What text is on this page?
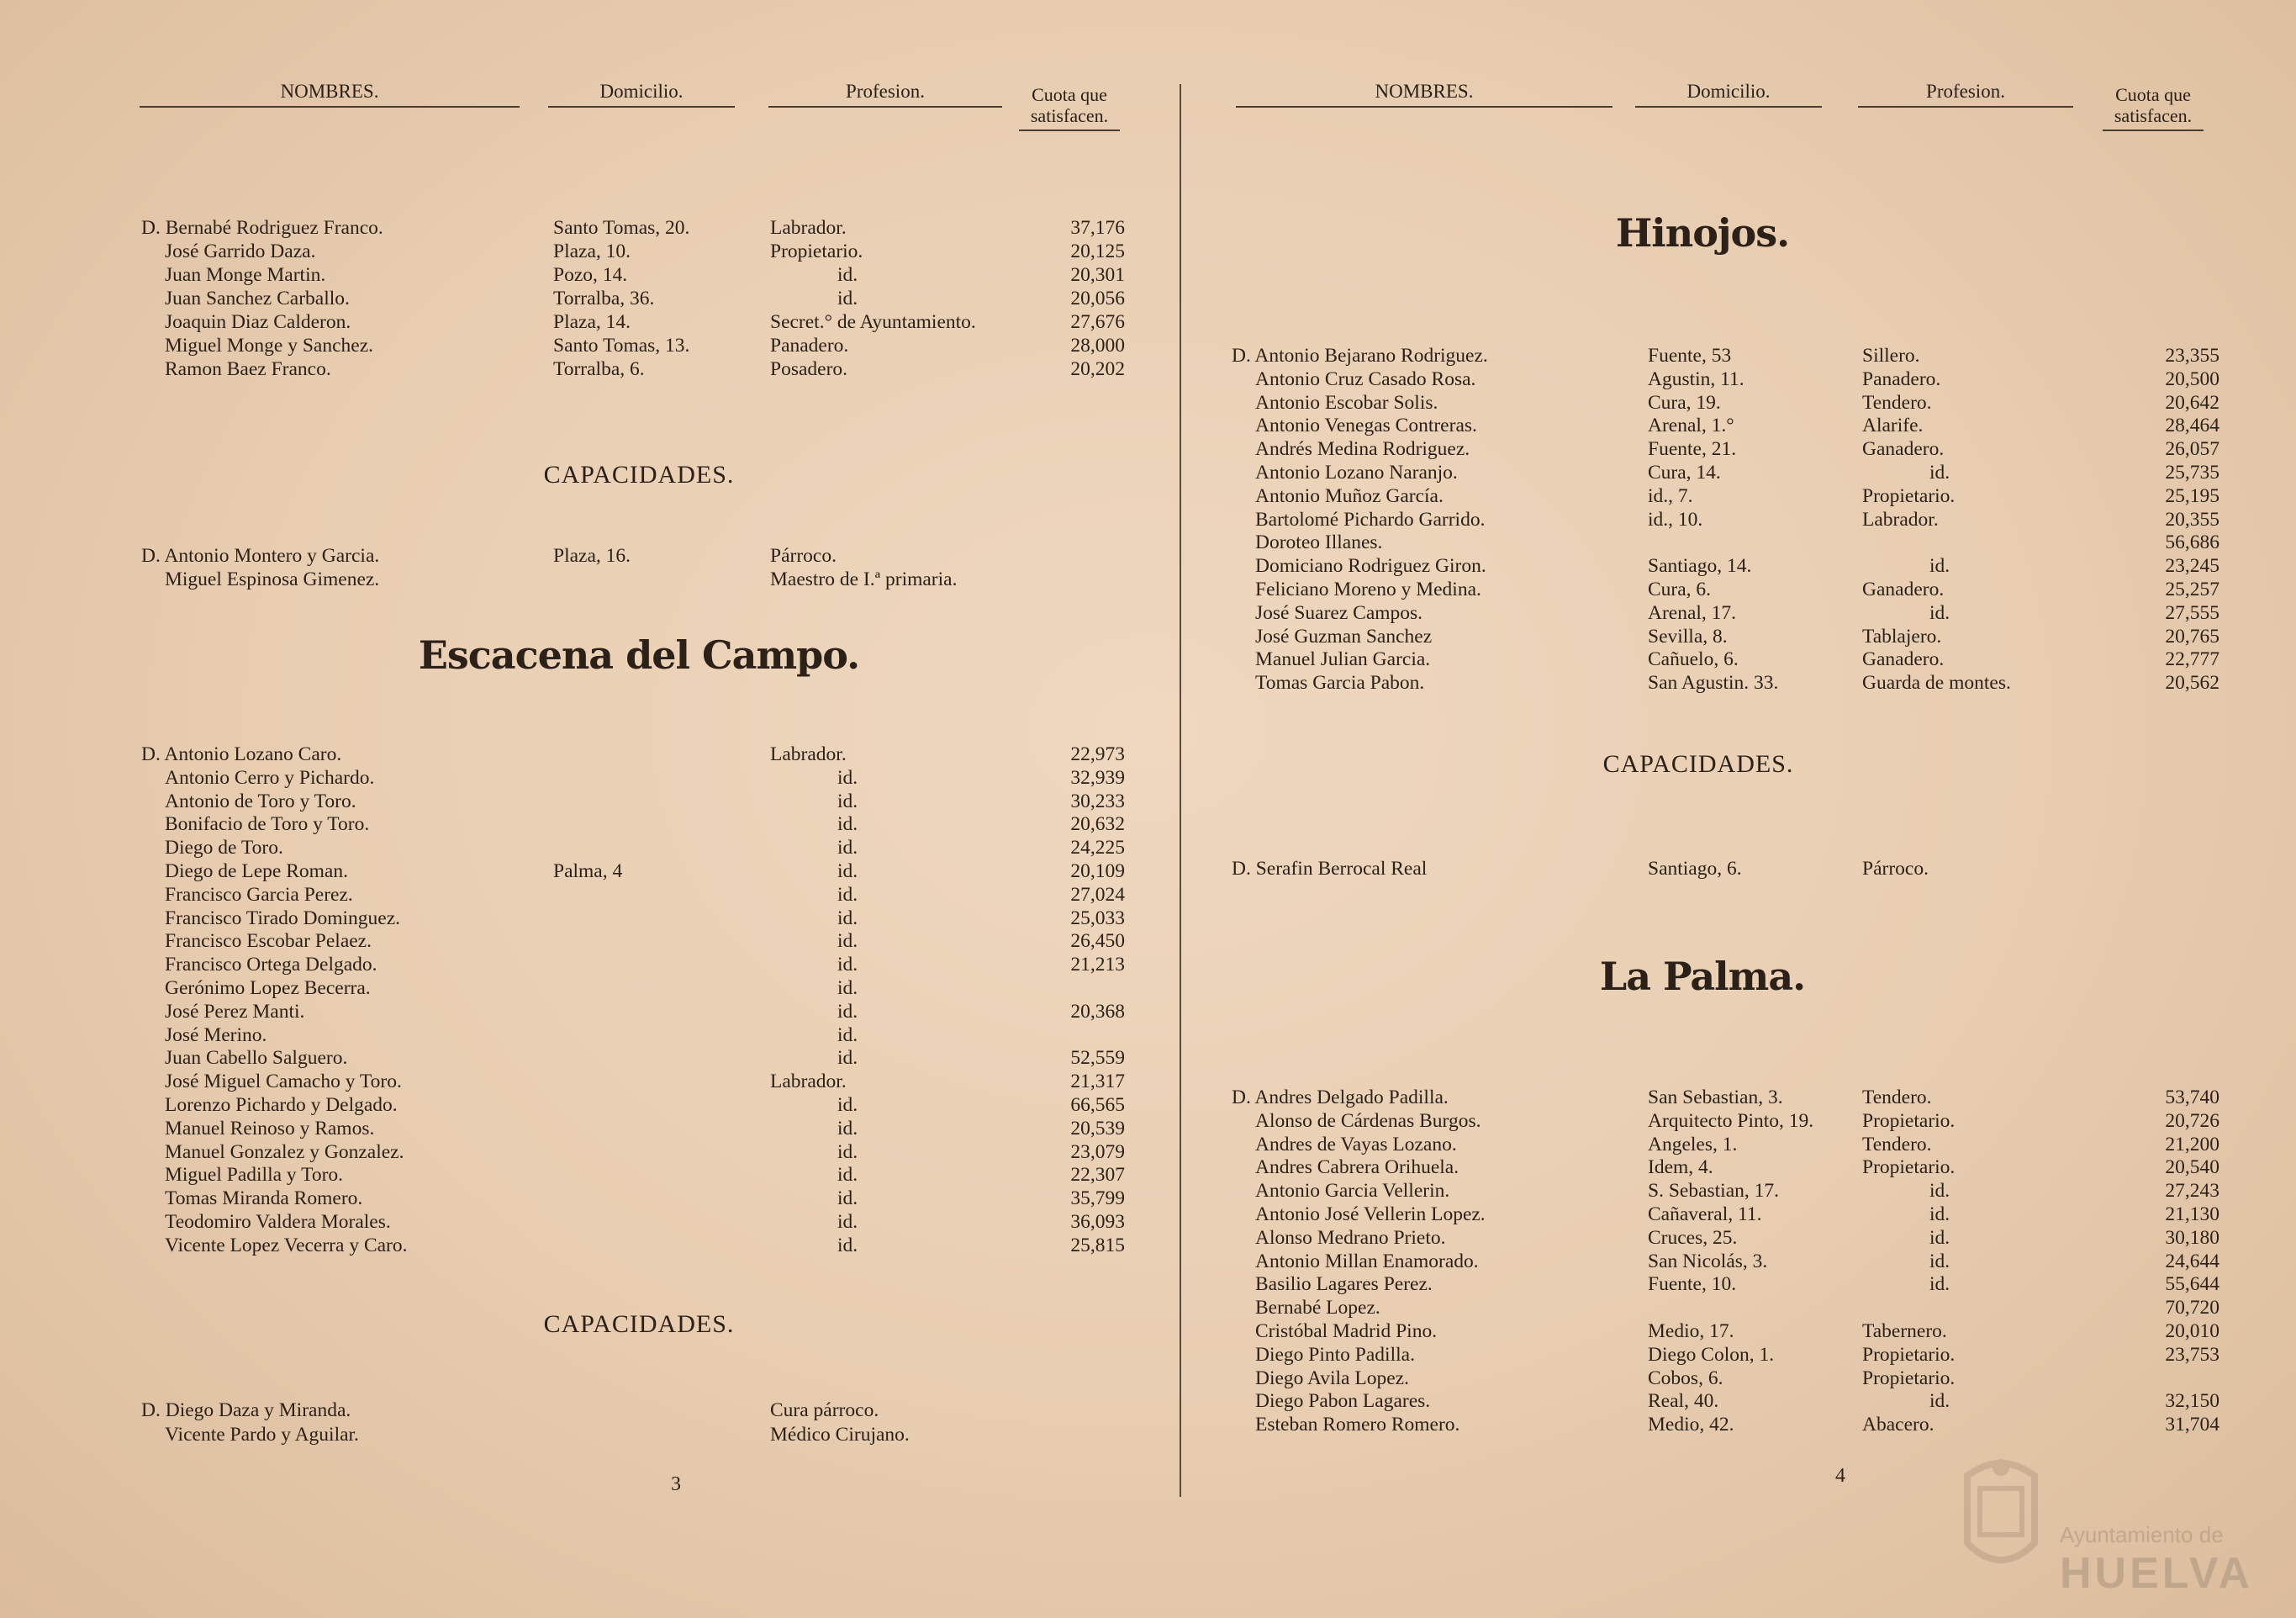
NOMBRES.	Domicilio.	Profesion.	Cuota que
satisfacen.
D. Bernabé Rodriguez Franco.	Santo Tomas, 20.	Labrador.	37,176
José Garrido Daza.	Plaza, 10.	Propietario.	20,125
Juan Monge Martin.	Pozo, 14.	id.	20,301
Juan Sanchez Carballo.	Torralba, 36.	id.	20,056
Joaquin Diaz Calderon.	Plaza, 14.	Secret.° de Ayuntamiento.	27,676
Miguel Monge y Sanchez.	Santo Tomas, 13.	Panadero.	28,000
Ramon Baez Franco.	Torralba, 6.	Posadero.	20,202
CAPACIDADES.
D. Antonio Montero y Garcia.	Plaza, 16.	Párroco.
Miguel Espinosa Gimenez.	Maestro de I.ª primaria.
Escacena del Campo.
D. Antonio Lozano Caro.	Labrador.	22,973
Antonio Cerro y Pichardo.	id.	32,939
Antonio de Toro y Toro.	id.	30,233
Bonifacio de Toro y Toro.	id.	20,632
Diego de Toro.	id.	24,225
Diego de Lepe Roman.	Palma, 4	id.	20,109
Francisco Garcia Perez.	id.	27,024
Francisco Tirado Dominguez.	id.	25,033
Francisco Escobar Pelaez.	id.	26,450
Francisco Ortega Delgado.	id.	21,213
Gerónimo Lopez Becerra.	id.
José Perez Manti.	id.	20,368
José Merino.	id.
Juan Cabello Salguero.	id.	52,559
José Miguel Camacho y Toro.	Labrador.	21,317
Lorenzo Pichardo y Delgado.	id.	66,565
Manuel Reinoso y Ramos.	id.	20,539
Manuel Gonzalez y Gonzalez.	id.	23,079
Miguel Padilla y Toro.	id.	22,307
Tomas Miranda Romero.	id.	35,799
Teodomiro Valdera Morales.	id.	36,093
Vicente Lopez Vecerra y Caro.	id.	25,815
CAPACIDADES.
D. Diego Daza y Miranda.	Cura párroco.
Vicente Pardo y Aguilar.	Médico Cirujano.
3
NOMBRES.	Domicilio.	Profesion.	Cuota que
satisfacen.
Hinojos.
D. Antonio Bejarano Rodriguez.	Fuente, 53	Sillero.	23,355
Antonio Cruz Casado Rosa.	Agustin, 11.	Panadero.	20,500
Antonio Escobar Solis.	Cura, 19.	Tendero.	20,642
Antonio Venegas Contreras.	Arenal, 1.°	Alarife.	28,464
Andrés Medina Rodriguez.	Fuente, 21.	Ganadero.	26,057
Antonio Lozano Naranjo.	Cura, 14.	id.	25,735
Antonio Muñoz García.	id., 7.	Propietario.	25,195
Bartolomé Pichardo Garrido.	id., 10.	Labrador.	20,355
Doroteo Illanes.	56,686
Domiciano Rodriguez Giron.	Santiago, 14.	id.	23,245
Feliciano Moreno y Medina.	Cura, 6.	Ganadero.	25,257
José Suarez Campos.	Arenal, 17.	id.	27,555
José Guzman Sanchez	Sevilla, 8.	Tablajero.	20,765
Manuel Julian Garcia.	Cañuelo, 6.	Ganadero.	22,777
Tomas Garcia Pabon.	San Agustin. 33.	Guarda de montes.	20,562
CAPACIDADES.
D. Serafin Berrocal Real	Santiago, 6.	Párroco.
La Palma.
D. Andres Delgado Padilla.	San Sebastian, 3.	Tendero.	53,740
Alonso de Cárdenas Burgos.	Arquitecto Pinto, 19. Propietario.	20,726
Andres de Vayas Lozano.	Angeles, 1.	Tendero.	21,200
Andres Cabrera Orihuela.	Idem, 4.	Propietario.	20,540
Antonio Garcia Vellerin.	S. Sebastian, 17.	id.	27,243
Antonio José Vellerin Lopez.	Cañaveral, 11.	id.	21,130
Alonso Medrano Prieto.	Cruces, 25.	id.	30,180
Antonio Millan Enamorado.	San Nicolás, 3.	id.	24,644
Basilio Lagares Perez.	Fuente, 10.	id.	55,644
Bernabé Lopez.	70,720
Cristóbal Madrid Pino.	Medio, 17.	Tabernero.	20,010
Diego Pinto Padilla.	Diego Colon, 1.	Propietario.	23,753
Diego Avila Lopez.	Cobos, 6.	Propietario.
Diego Pabon Lagares.	Real, 40.	id.	32,150
Esteban Romero Romero.	Medio, 42.	Abacero.	31,704
4
Ayuntamiento de
HUELVA
